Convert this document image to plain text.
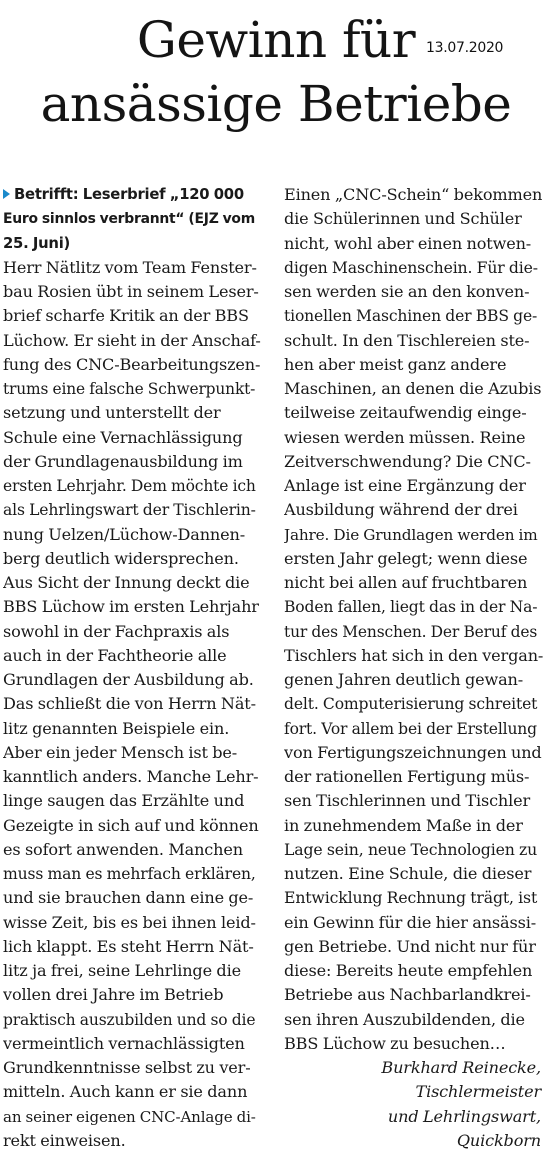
Gewinn für
ansässige Betriebe
13.07.2020
Betrifft: Leserbrief „120 000
Euro sinnlos verbrannt“ (EJZ vom
25. Juni)
Herr Nätlitz vom Team Fenster-
bau Rosien übt in seinem Leser-
brief scharfe Kritik an der BBS
Lüchow. Er sieht in der Anschaf-
fung des CNC-Bearbeitungszen-
trums eine falsche Schwerpunkt-
setzung und unterstellt der
Schule eine Vernachlässigung
der Grundlagenausbildung im
ersten Lehrjahr. Dem möchte ich
als Lehrlingswart der Tischlerin-
nung Uelzen/Lüchow-Dannen-
berg deutlich widersprechen.
Aus Sicht der Innung deckt die
BBS Lüchow im ersten Lehrjahr
sowohl in der Fachpraxis als
auch in der Fachtheorie alle
Grundlagen der Ausbildung ab.
Das schließt die von Herrn Nät-
litz genannten Beispiele ein.
Aber ein jeder Mensch ist be-
kanntlich anders. Manche Lehr-
linge saugen das Erzählte und
Gezeigte in sich auf und können
es sofort anwenden. Manchen
muss man es mehrfach erklären,
und sie brauchen dann eine ge-
wisse Zeit, bis es bei ihnen leid-
lich klappt. Es steht Herrn Nät-
litz ja frei, seine Lehrlinge die
vollen drei Jahre im Betrieb
praktisch auszubilden und so die
vermeintlich vernachlässigten
Grundkenntnisse selbst zu ver-
mitteln. Auch kann er sie dann
an seiner eigenen CNC-Anlage di-
rekt einweisen.
Einen „CNC-Schein“ bekommen
die Schülerinnen und Schüler
nicht, wohl aber einen notwen-
digen Maschinenschein. Für die-
sen werden sie an den konven-
tionellen Maschinen der BBS ge-
schult. In den Tischlereien ste-
hen aber meist ganz andere
Maschinen, an denen die Azubis
teilweise zeitaufwendig einge-
wiesen werden müssen. Reine
Zeitverschwendung? Die CNC-
Anlage ist eine Ergänzung der
Ausbildung während der drei
Jahre. Die Grundlagen werden im
ersten Jahr gelegt; wenn diese
nicht bei allen auf fruchtbaren
Boden fallen, liegt das in der Na-
tur des Menschen. Der Beruf des
Tischlers hat sich in den vergan-
genen Jahren deutlich gewan-
delt. Computerisierung schreitet
fort. Vor allem bei der Erstellung
von Fertigungszeichnungen und
der rationellen Fertigung müs-
sen Tischlerinnen und Tischler
in zunehmendem Maße in der
Lage sein, neue Technologien zu
nutzen. Eine Schule, die dieser
Entwicklung Rechnung trägt, ist
ein Gewinn für die hier ansässi-
gen Betriebe. Und nicht nur für
diese: Bereits heute empfehlen
Betriebe aus Nachbarlandkrei-
sen ihren Auszubildenden, die
BBS Lüchow zu besuchen…
Burkhard Reinecke,
Tischlermeister
und Lehrlingswart,
Quickborn
